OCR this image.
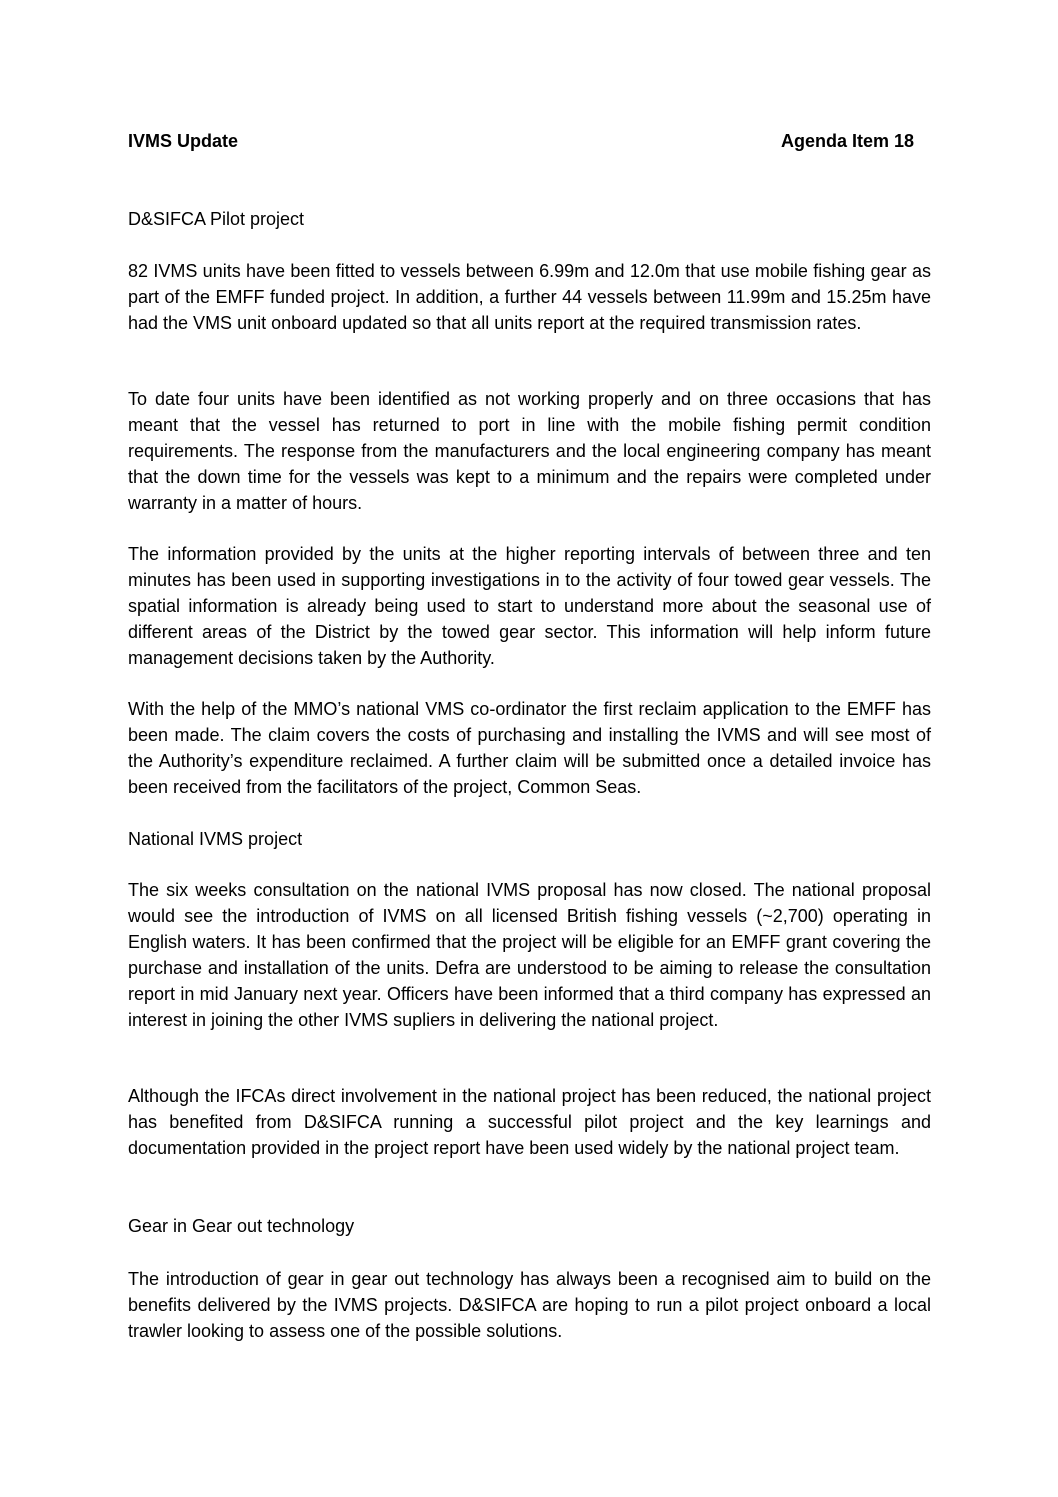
IVMS Update	Agenda Item 18
D&SIFCA Pilot project
82 IVMS units have been fitted to vessels between 6.99m and 12.0m that use mobile fishing gear as part of the EMFF funded project. In addition, a further 44 vessels between 11.99m and 15.25m have had the VMS unit onboard updated so that all units report at the required transmission rates.
To date four units have been identified as not working properly and on three occasions that has meant that the vessel has returned to port in line with the mobile fishing permit condition requirements. The response from the manufacturers and the local engineering company has meant that the down time for the vessels was kept to a minimum and the repairs were completed under warranty in a matter of hours.
The information provided by the units at the higher reporting intervals of between three and ten minutes has been used in supporting investigations in to the activity of four towed gear vessels. The spatial information is already being used to start to understand more about the seasonal use of different areas of the District by the towed gear sector. This information will help inform future management decisions taken by the Authority.
With the help of the MMO’s national VMS co-ordinator the first reclaim application to the EMFF has been made. The claim covers the costs of purchasing and installing the IVMS and will see most of the Authority’s expenditure reclaimed. A further claim will be submitted once a detailed invoice has been received from the facilitators of the project, Common Seas.
National IVMS project
The six weeks consultation on the national IVMS proposal has now closed. The national proposal would see the introduction of IVMS on all licensed British fishing vessels (~2,700) operating in English waters. It has been confirmed that the project will be eligible for an EMFF grant covering the purchase and installation of the units. Defra are understood to be aiming to release the consultation report in mid January next year. Officers have been informed that a third company has expressed an interest in joining the other IVMS supliers in delivering the national project.
Although the IFCAs direct involvement in the national project has been reduced, the national project has benefited from D&SIFCA running a successful pilot project and the key learnings and documentation provided in the project report have been used widely by the national project team.
Gear in Gear out technology
The introduction of gear in gear out technology has always been a recognised aim to build on the benefits delivered by the IVMS projects. D&SIFCA are hoping to run a pilot project onboard a local trawler looking to assess one of the possible solutions.
